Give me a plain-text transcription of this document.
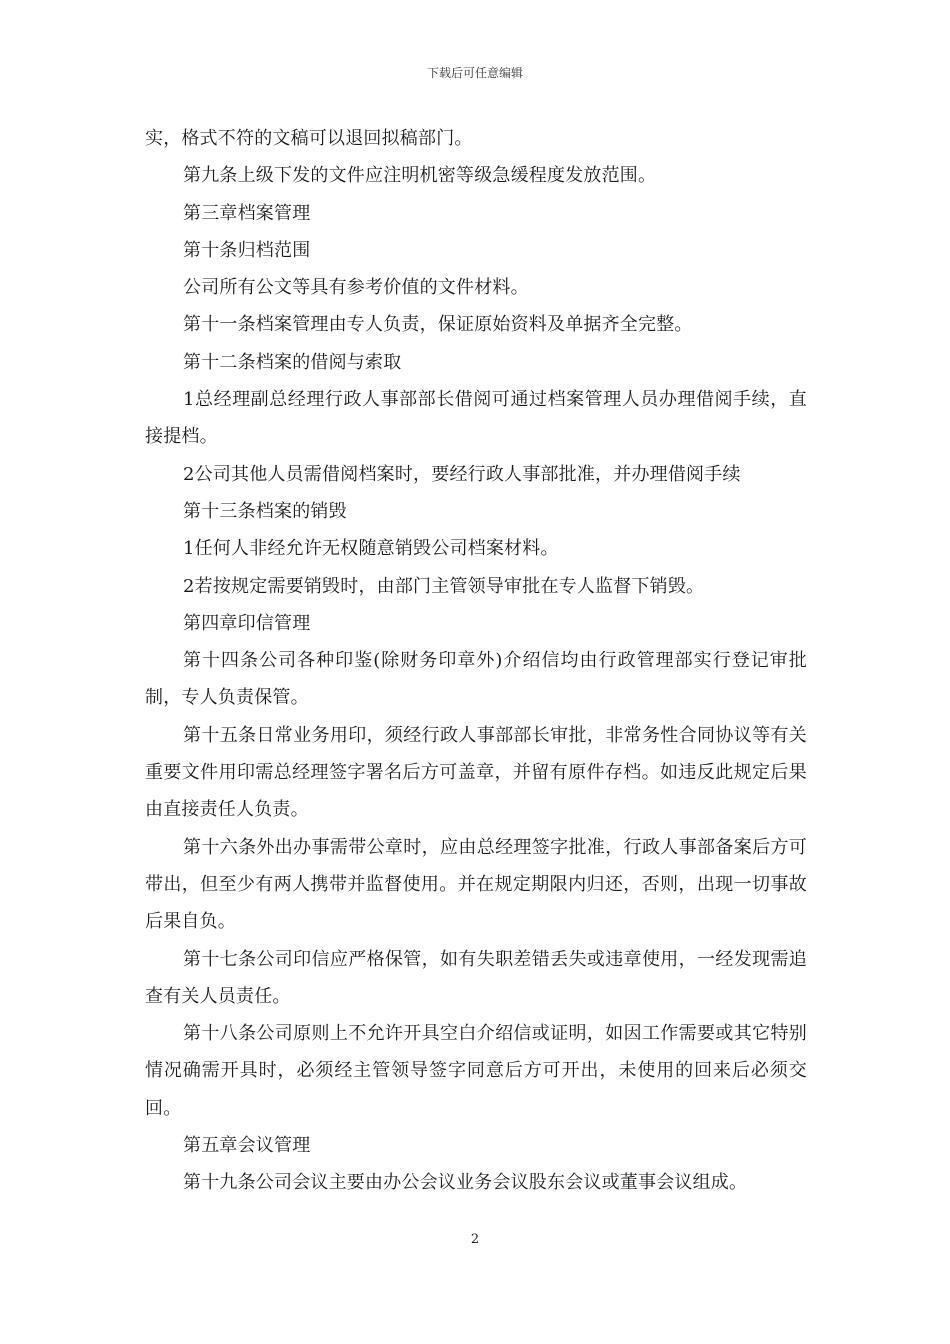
下载后可任意编辑

实，格式不符的文稿可以退回拟稿部门。

第九条上级下发的文件应注明机密等级急缓程度发放范围。

第三章档案管理

第十条归档范围

公司所有公文等具有参考价值的文件材料。

第十一条档案管理由专人负责，保证原始资料及单据齐全完整。

第十二条档案的借阅与索取

1总经理副总经理行政人事部部长借阅可通过档案管理人员办理借阅手续，直接提档。

2公司其他人员需借阅档案时，要经行政人事部批准，并办理借阅手续

第十三条档案的销毁

1任何人非经允许无权随意销毁公司档案材料。

2若按规定需要销毁时，由部门主管领导审批在专人监督下销毁。

第四章印信管理

第十四条公司各种印鉴(除财务印章外)介绍信均由行政管理部实行登记审批制，专人负责保管。

第十五条日常业务用印，须经行政人事部部长审批，非常务性合同协议等有关重要文件用印需总经理签字署名后方可盖章，并留有原件存档。如违反此规定后果由直接责任人负责。

第十六条外出办事需带公章时，应由总经理签字批准，行政人事部备案后方可带出，但至少有两人携带并监督使用。并在规定期限内归还，否则，出现一切事故后果自负。

第十七条公司印信应严格保管，如有失职差错丢失或违章使用，一经发现需追查有关人员责任。

第十八条公司原则上不允许开具空白介绍信或证明，如因工作需要或其它特别情况确需开具时，必须经主管领导签字同意后方可开出，未使用的回来后必须交回。

第五章会议管理

第十九条公司会议主要由办公会议业务会议股东会议或董事会议组成。

2
